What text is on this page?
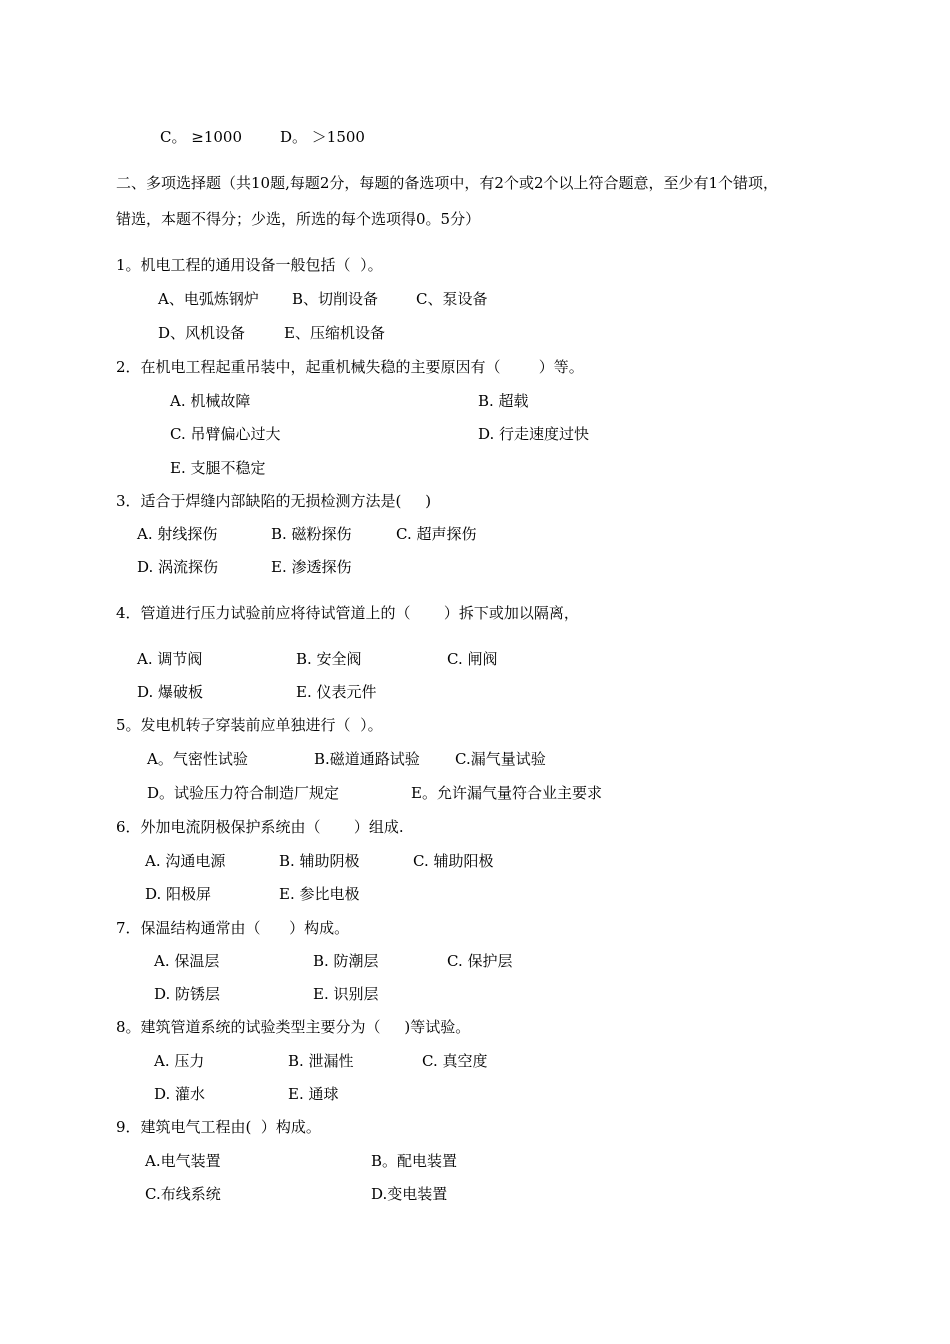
C。 ≥1000	D。 ＞1500
二、多项选择题（共10题,每题2分，每题的备选项中，有2个或2个以上符合题意，至少有1个错项，
错选，本题不得分；少选，所选的每个选项得0。5分）
1。机电工程的通用设备一般包括（  ）。
A、电弧炼钢炉 B、切削设备	C、泵设备
D、风机设备	E、压缩机设备
2．在机电工程起重吊装中，起重机械失稳的主要原因有（        ）等。
A. 机械故障	B. 超载
C. 吊臂偏心过大	D. 行走速度过快
E. 支腿不稳定
3．适合于焊缝内部缺陷的无损检测方法是(     )
A. 射线探伤	B. 磁粉探伤	C. 超声探伤
D. 涡流探伤	E. 渗透探伤
4．管道进行压力试验前应将待试管道上的（       ）拆下或加以隔离，
A. 调节阀	B. 安全阀	C. 闸阀
D. 爆破板	E. 仪表元件
5。发电机转子穿装前应单独进行（  ）。
A。气密性试验	B.磁道通路试验 C.漏气量试验
D。试验压力符合制造厂规定	E。允许漏气量符合业主要求
6．外加电流阴极保护系统由（       ）组成.
A. 沟通电源	B. 辅助阴极	C. 辅助阳极
D. 阳极屏	E. 参比电极
7．保温结构通常由（      ）构成。
A. 保温层	B. 防潮层	C. 保护层
D. 防锈层	E. 识别层
8。建筑管道系统的试验类型主要分为（     )等试验。
A. 压力	B. 泄漏性	C. 真空度
D. 灌水	E. 通球
9．建筑电气工程由(  ）构成。
A.电气装置	B。配电装置
C.布线系统	D.变电装置
